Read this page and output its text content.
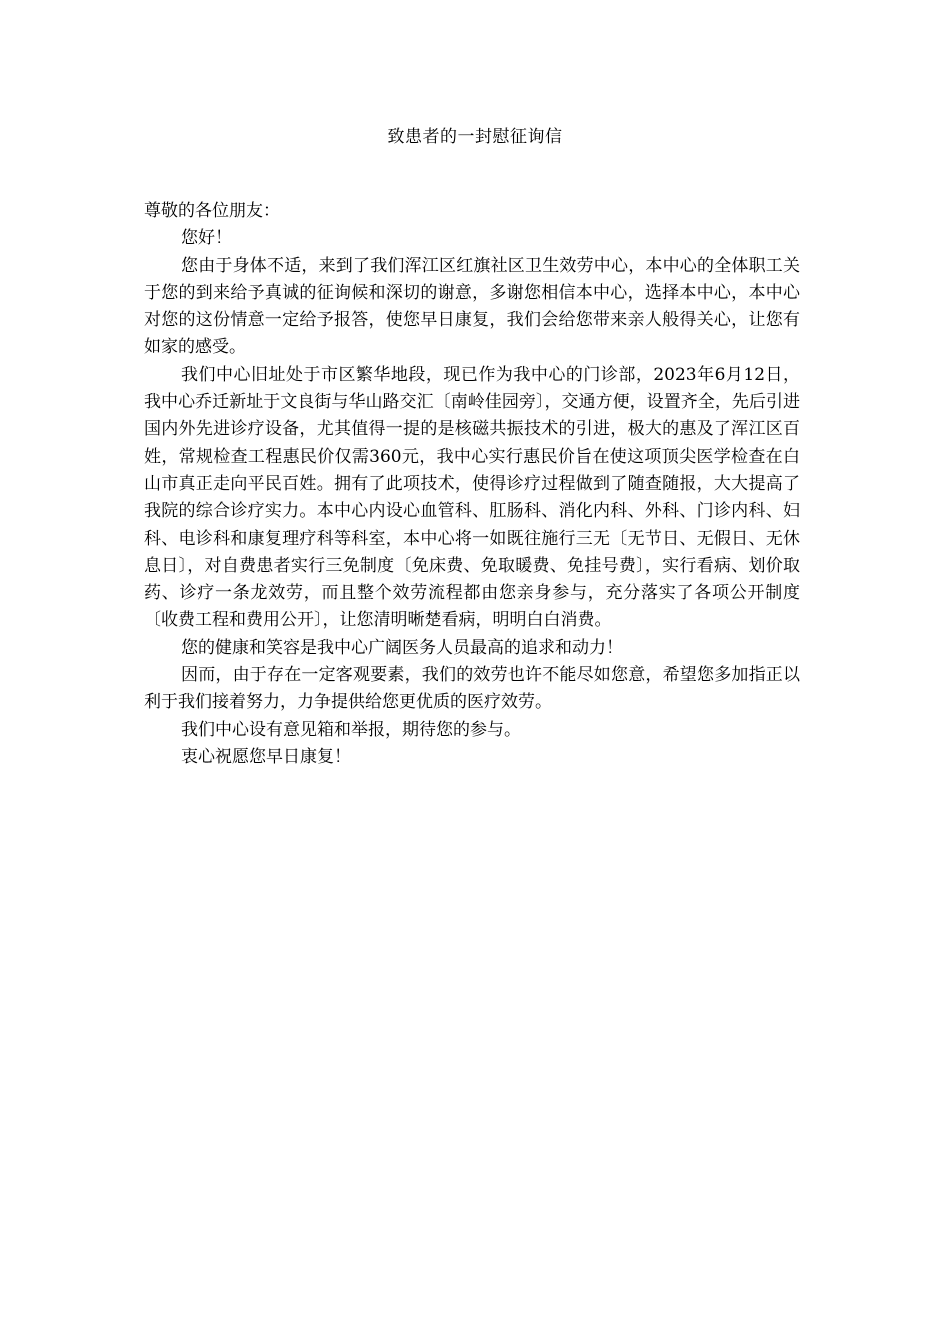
致患者的一封慰征询信

尊敬的各位朋友：

您好！

您由于身体不适，来到了我们浑江区红旗社区卫生效劳中心，本中心的全体职工关于您的到来给予真诚的征询候和深切的谢意，多谢您相信本中心，选择本中心，本中心对您的这份情意一定给予报答，使您早日康复，我们会给您带来亲人般得关心，让您有如家的感受。

我们中心旧址处于市区繁华地段，现已作为我中心的门诊部，2023年6月12日，我中心乔迁新址于文良街与华山路交汇〔南岭佳园旁〕，交通方便，设置齐全，先后引进国内外先进诊疗设备，尤其值得一提的是核磁共振技术的引进，极大的惠及了浑江区百姓，常规检查工程惠民价仅需360元，我中心实行惠民价旨在使这项顶尖医学检查在白山市真正走向平民百姓。拥有了此项技术，使得诊疗过程做到了随查随报，大大提高了我院的综合诊疗实力。本中心内设心血管科、肛肠科、消化内科、外科、门诊内科、妇科、电诊科和康复理疗科等科室，本中心将一如既往施行三无〔无节日、无假日、无休息日〕，对自费患者实行三免制度〔免床费、免取暖费、免挂号费〕，实行看病、划价取药、诊疗一条龙效劳，而且整个效劳流程都由您亲身参与，充分落实了各项公开制度〔收费工程和费用公开〕，让您清明晰楚看病，明明白白消费。

您的健康和笑容是我中心广阔医务人员最高的追求和动力！

因而，由于存在一定客观要素，我们的效劳也许不能尽如您意，希望您多加指正以利于我们接着努力，力争提供给您更优质的医疗效劳。

我们中心设有意见箱和举报，期待您的参与。

衷心祝愿您早日康复！
